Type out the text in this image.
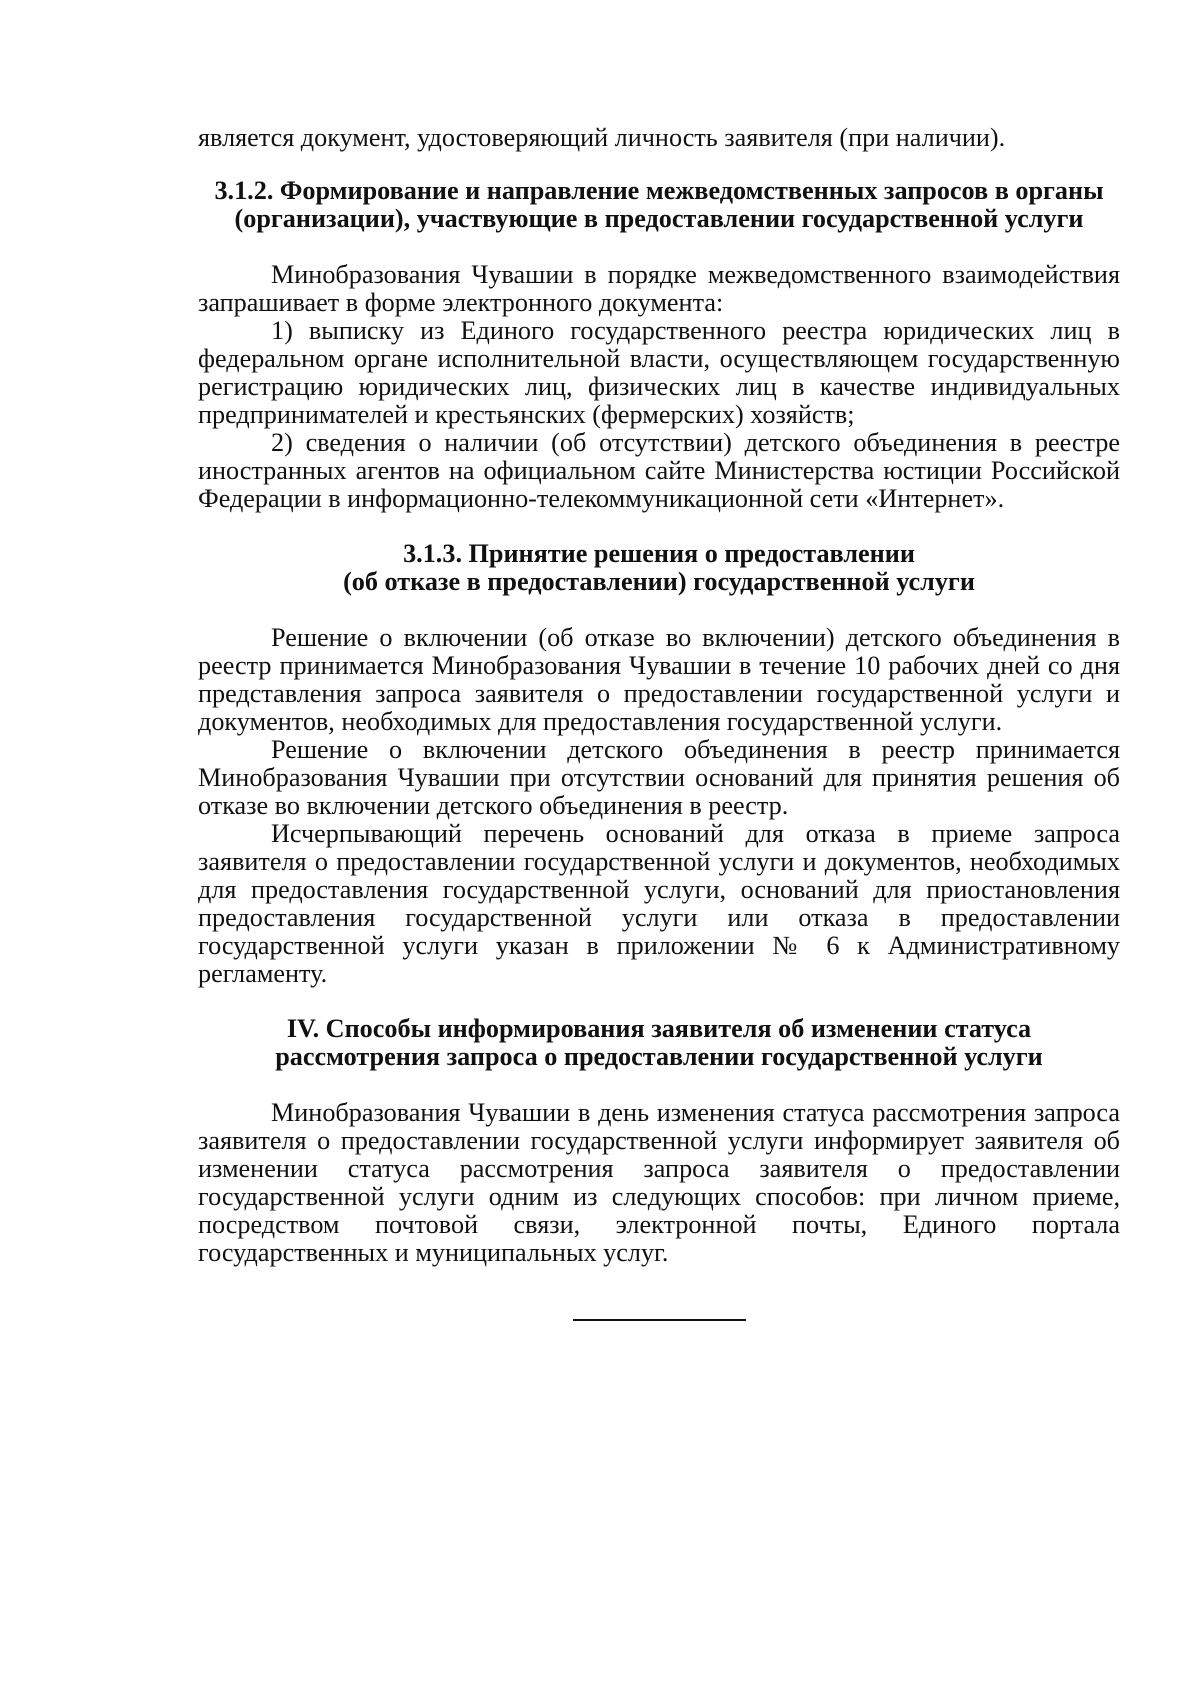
является документ, удостоверяющий личность заявителя (при наличии).

3.1.2. Формирование и направление межведомственных запросов в органы
(организации), участвующие в предоставлении государственной услуги

Минобразования Чувашии в порядке межведомственного взаимодействия запрашивает в форме электронного документа:

1) выписку из Единого государственного реестра юридических лиц в федеральном органе исполнительной власти, осуществляющем государственную регистрацию юридических лиц, физических лиц в качестве индивидуальных предпринимателей и крестьянских (фермерских) хозяйств;

2) сведения о наличии (об отсутствии) детского объединения в реестре иностранных агентов на официальном сайте Министерства юстиции Российской Федерации в информационно-телекоммуникационной сети «Интернет».

3.1.3. Принятие решения о предоставлении
(об отказе в предоставлении) государственной услуги

Решение о включении (об отказе во включении) детского объединения в реестр принимается Минобразования Чувашии в течение 10 рабочих дней со дня представления запроса заявителя о предоставлении государственной услуги и документов, необходимых для предоставления государственной услуги.

Решение о включении детского объединения в реестр принимается Минобразования Чувашии при отсутствии оснований для принятия решения об отказе во включении детского объединения в реестр.

Исчерпывающий перечень оснований для отказа в приеме запроса заявителя о предоставлении государственной услуги и документов, необходимых для предоставления государственной услуги, оснований для приостановления предоставления государственной услуги или отказа в предоставлении государственной услуги указан в приложении № 6 к Административному регламенту.

IV. Способы информирования заявителя об изменении статуса
рассмотрения запроса о предоставлении государственной услуги

Минобразования Чувашии в день изменения статуса рассмотрения запроса заявителя о предоставлении государственной услуги информирует заявителя об изменении статуса рассмотрения запроса заявителя о предоставлении государственной услуги одним из следующих способов: при личном приеме, посредством почтовой связи, электронной почты, Единого портала государственных и муниципальных услуг.
